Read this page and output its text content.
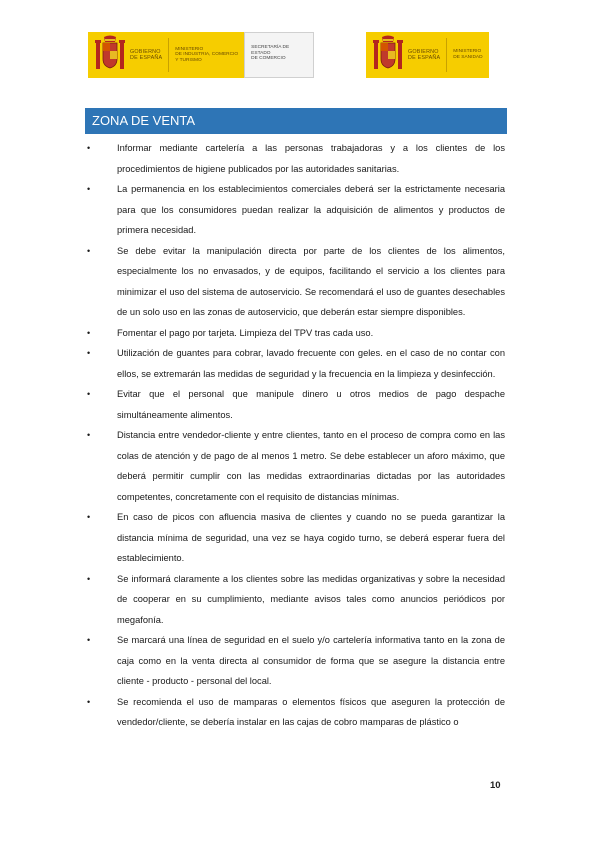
GOBIERNO
DE ESPAÑA
MINISTERIO
DE INDUSTRIA, COMERCIO
Y TURISMO
SECRETARÍA DE ESTADO
DE COMERCIO
GOBIERNO
DE ESPAÑA
MINISTERIO
DE SANIDAD
ZONA DE VENTA
•	Informar mediante cartelería a las personas trabajadoras y a los clientes de los procedimientos de higiene publicados por las autoridades sanitarias.
•	La permanencia en los establecimientos comerciales deberá ser la estrictamente necesaria para que los consumidores puedan realizar la adquisición de alimentos y productos de primera necesidad.
•	Se debe evitar la manipulación directa por parte de los clientes de los alimentos, especialmente los no envasados, y de equipos, facilitando el servicio a los clientes para minimizar el uso del sistema de autoservicio. Se recomendará el uso de guantes desechables de un solo uso en las zonas de autoservicio, que deberán estar siempre disponibles.
•	Fomentar el pago por tarjeta. Limpieza del TPV tras cada uso.
•	Utilización de guantes para cobrar, lavado frecuente con geles. en el caso de no contar con ellos, se extremarán las medidas de seguridad y la frecuencia en la limpieza y desinfección.
•	Evitar que el personal que manipule dinero u otros medios de pago despache simultáneamente alimentos.
•	Distancia entre vendedor-cliente y entre clientes, tanto en el proceso de compra como en las colas de atención y de pago de al menos 1 metro. Se debe establecer un aforo máximo, que deberá permitir cumplir con las medidas extraordinarias dictadas por las autoridades competentes, concretamente con el requisito de distancias mínimas.
•	En caso de picos con afluencia masiva de clientes y cuando no se pueda garantizar la distancia mínima de seguridad, una vez se haya cogido turno, se deberá esperar fuera del establecimiento.
•	Se informará claramente a los clientes sobre las medidas organizativas y sobre la necesidad de cooperar en su cumplimiento, mediante avisos tales como anuncios periódicos por megafonía.
•	Se marcará una línea de seguridad en el suelo y/o cartelería informativa tanto en la zona de caja como en la venta directa al consumidor de forma que se asegure la distancia entre cliente - producto - personal del local.
•	Se recomienda el uso de mamparas o elementos físicos que aseguren la protección de vendedor/cliente, se debería instalar en las cajas de cobro mamparas de plástico o
10
